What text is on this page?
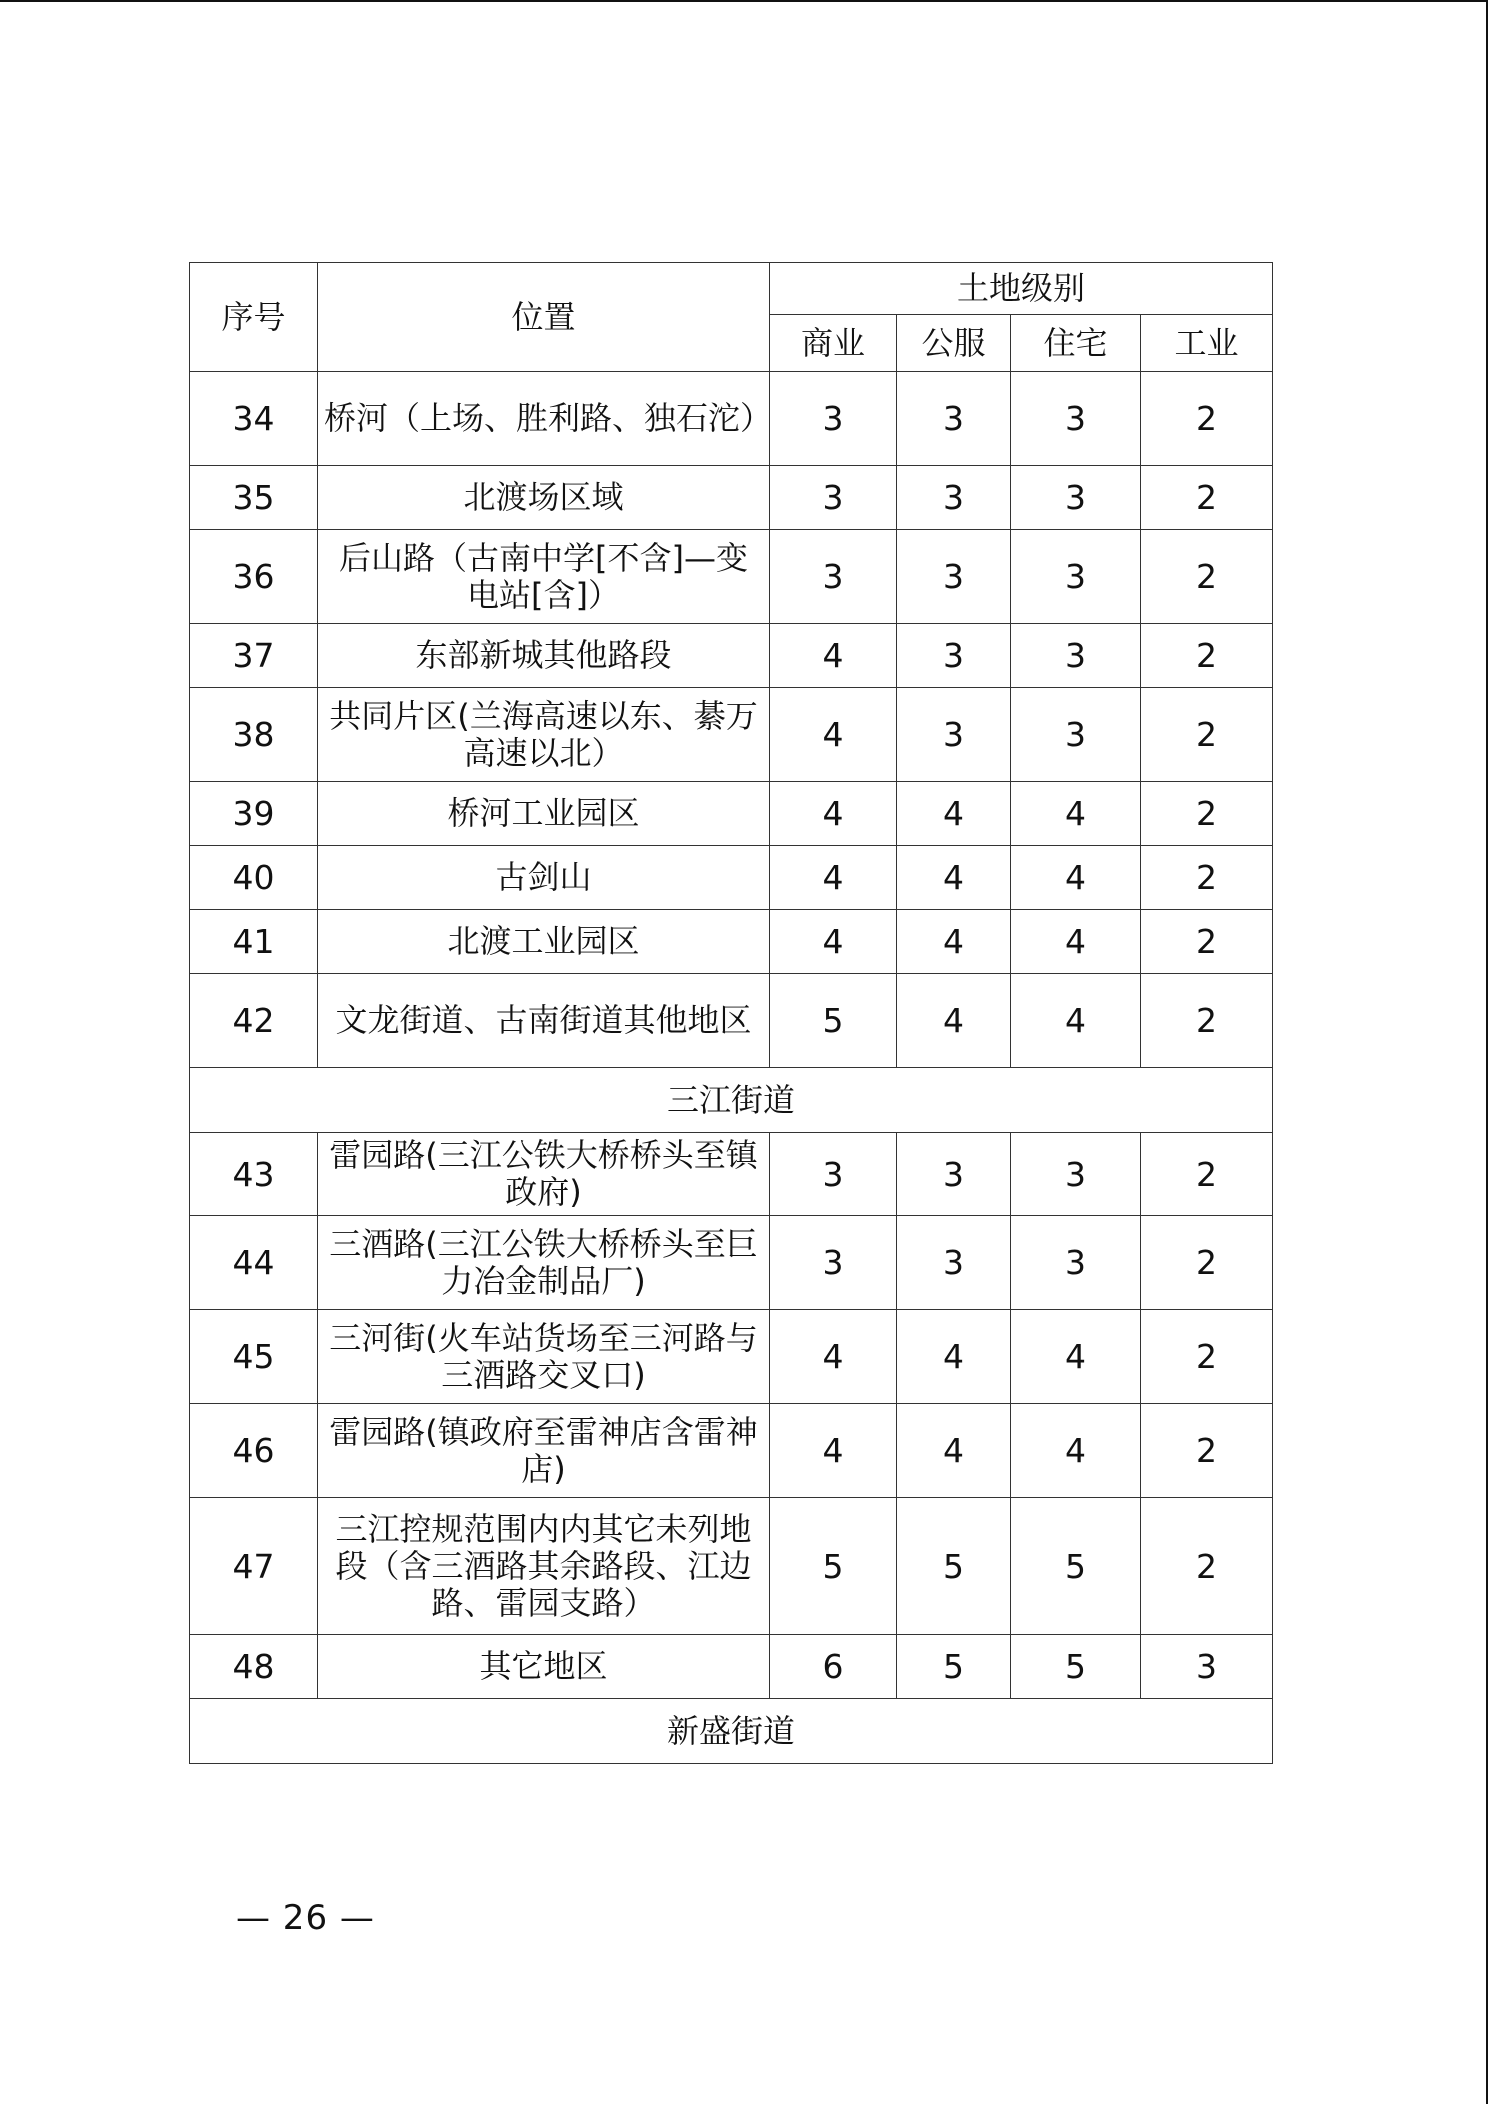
序号	位置	土地级别			
		商业	公服	住宅	工业
34	桥河（上场、胜利路、独石沱）	3	3	3	2
35	北渡场区域	3	3	3	2
36	后山路（古南中学[不含]—变电站[含]）	3	3	3	2
37	东部新城其他路段	4	3	3	2
38	共同片区(兰海高速以东、綦万高速以北）	4	3	3	2
39	桥河工业园区	4	4	4	2
40	古剑山	4	4	4	2
41	北渡工业园区	4	4	4	2
42	文龙街道、古南街道其他地区	5	4	4	2
三江街道					
43	雷园路(三江公铁大桥桥头至镇政府)	3	3	3	2
44	三酒路(三江公铁大桥桥头至巨力冶金制品厂)	3	3	3	2
45	三河街(火车站货场至三河路与三酒路交叉口)	4	4	4	2
46	雷园路(镇政府至雷神店含雷神店)	4	4	4	2
47	三江控规范围内内其它未列地段（含三酒路其余路段、江边路、雷园支路）	5	5	5	2
48	其它地区	6	5	5	3
新盛街道					
— 26 —
